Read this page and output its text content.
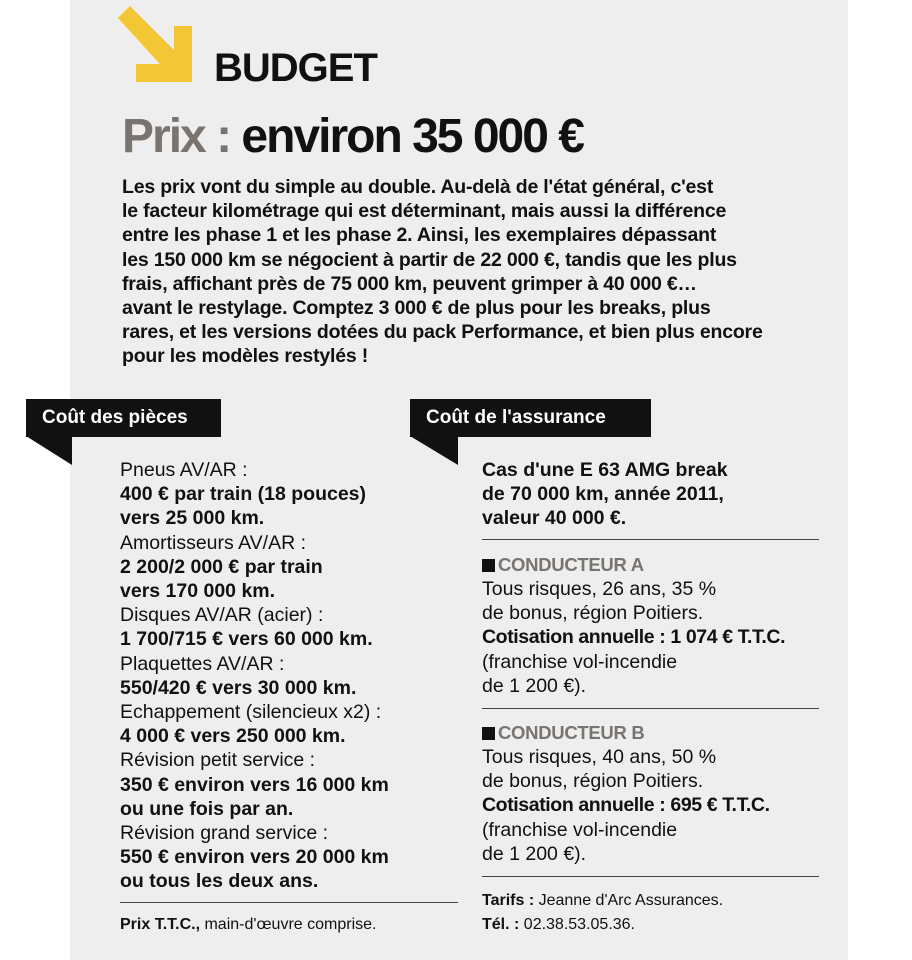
BUDGET
Prix : environ 35 000 €
Les prix vont du simple au double. Au-delà de l'état général, c'est
le facteur kilométrage qui est déterminant, mais aussi la différence
entre les phase 1 et les phase 2. Ainsi, les exemplaires dépassant
les 150 000 km se négocient à partir de 22 000 €, tandis que les plus
frais, affichant près de 75 000 km, peuvent grimper à 40 000 €…
avant le restylage. Comptez 3 000 € de plus pour les breaks, plus
rares, et les versions dotées du pack Performance, et bien plus encore
pour les modèles restylés !
Coût des pièces	Coût de l'assurance
Pneus AV/AR :
400 € par train (18 pouces)
vers 25 000 km.
Amortisseurs AV/AR :
2 200/2 000 € par train
vers 170 000 km.
Disques AV/AR (acier) :
1 700/715 € vers 60 000 km.
Plaquettes AV/AR :
550/420 € vers 30 000 km.
Echappement (silencieux x2) :
4 000 € vers 250 000 km.
Révision petit service :
350 € environ vers 16 000 km
ou une fois par an.
Révision grand service :
550 € environ vers 20 000 km
ou tous les deux ans.
Prix T.T.C., main-d'œuvre comprise.
Cas d'une E 63 AMG break
de 70 000 km, année 2011,
valeur 40 000 €.
CONDUCTEUR A
Tous risques, 26 ans, 35 %
de bonus, région Poitiers.
Cotisation annuelle : 1 074 € T.T.C.
(franchise vol-incendie
de 1 200 €).
CONDUCTEUR B
Tous risques, 40 ans, 50 %
de bonus, région Poitiers.
Cotisation annuelle : 695 € T.T.C.
(franchise vol-incendie
de 1 200 €).
Tarifs : Jeanne d'Arc Assurances.
Tél. : 02.38.53.05.36.
